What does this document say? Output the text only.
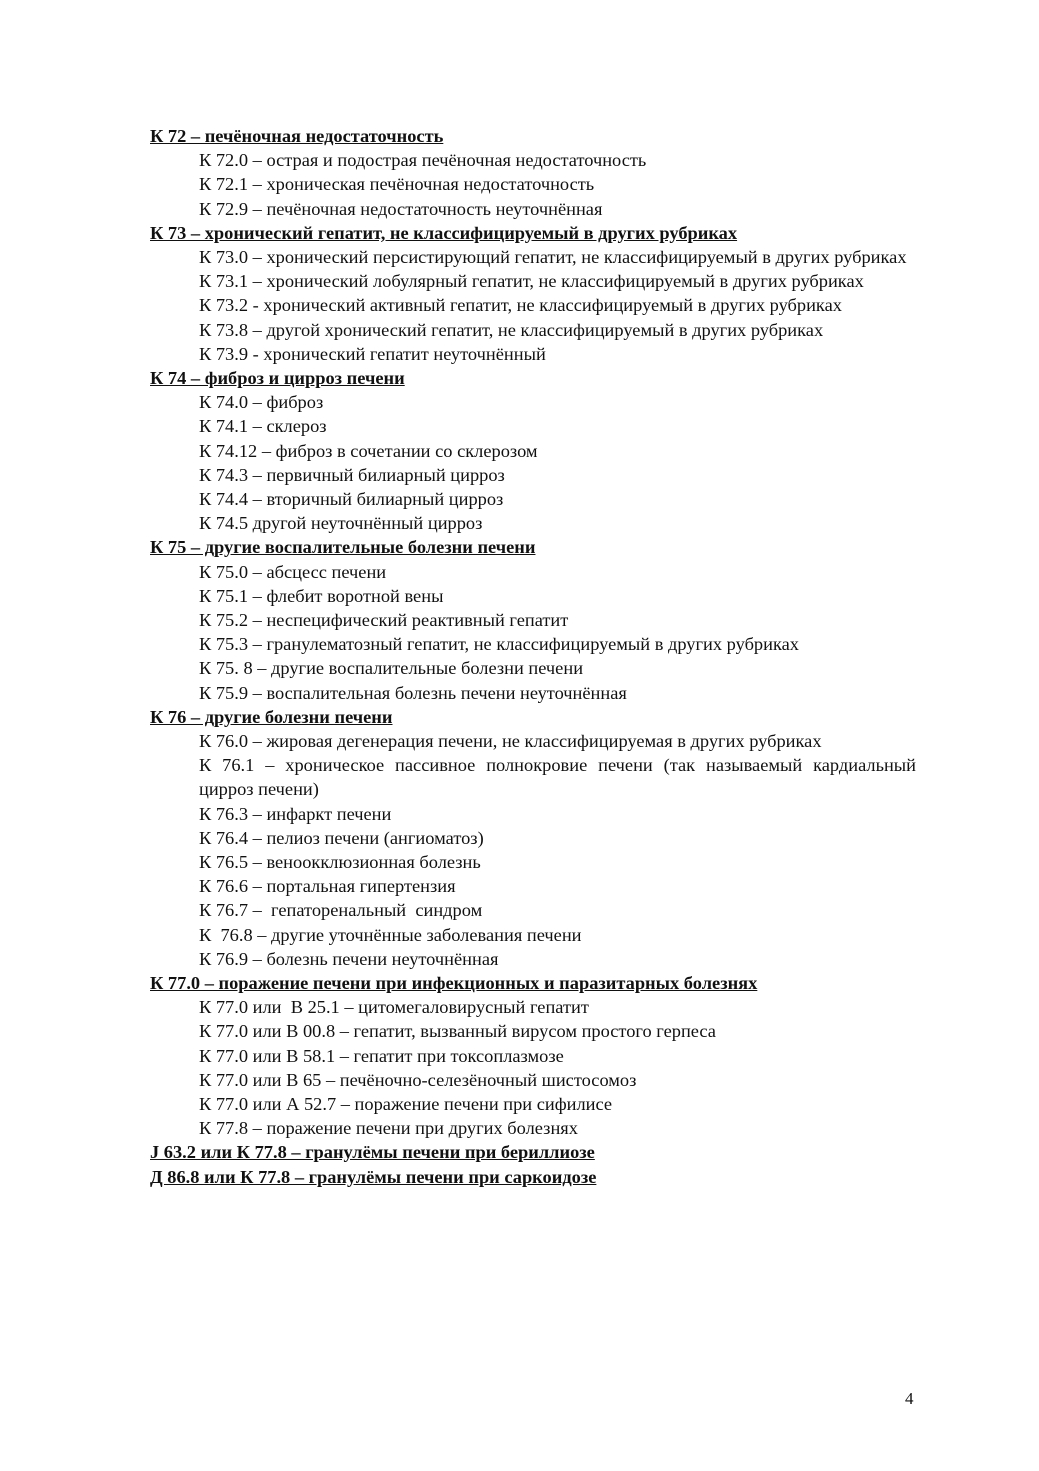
К 72 – печёночная недостаточность
К 72.0 – острая и подострая печёночная недостаточность
К 72.1 – хроническая печёночная недостаточность
К 72.9 – печёночная недостаточность неуточнённая
К 73 – хронический гепатит, не классифицируемый в других рубриках
К 73.0 – хронический персистирующий гепатит, не классифицируемый в других рубриках
К 73.1 – хронический лобулярный гепатит, не классифицируемый в других рубриках
К 73.2 - хронический активный гепатит, не классифицируемый в других рубриках
К 73.8 – другой хронический гепатит, не классифицируемый в других рубриках
К 73.9 - хронический гепатит неуточнённый
К 74 – фиброз и цирроз печени
К 74.0 – фиброз
К 74.1 – склероз
К 74.12 – фиброз в сочетании со склерозом
К 74.3 – первичный билиарный цирроз
К 74.4 – вторичный билиарный цирроз
К 74.5 другой неуточнённый цирроз
К 75 – другие воспалительные болезни печени
К 75.0 – абсцесс печени
К 75.1 – флебит воротной вены
К 75.2 – неспецифический реактивный гепатит
К 75.3 – гранулематозный гепатит, не классифицируемый в других рубриках
К 75. 8 – другие воспалительные болезни печени
К 75.9 – воспалительная болезнь печени неуточнённая
К 76 – другие болезни печени
К 76.0 – жировая дегенерация печени, не классифицируемая в других рубриках
К 76.1 – хроническое пассивное полнокровие печени (так называемый кардиальный цирроз печени)
К 76.3 – инфаркт печени
К 76.4 – пелиоз печени (ангиоматоз)
К 76.5 – веноокклюзионная болезнь
К 76.6 – портальная гипертензия
К 76.7 –  гепаторенальный  синдром
К  76.8 – другие уточнённые заболевания печени
К 76.9 – болезнь печени неуточнённая
К 77.0 – поражение печени при инфекционных и паразитарных болезнях
К 77.0 или  В 25.1 – цитомегаловирусный гепатит
К 77.0 или В 00.8 – гепатит, вызванный вирусом простого герпеса
К 77.0 или В 58.1 – гепатит при токсоплазмозе
К 77.0 или В 65 – печёночно-селезёночный шистосомоз
К 77.0 или А 52.7 – поражение печени при сифилисе
К 77.8 – поражение печени при других болезнях
J 63.2 или К 77.8 – гранулёмы печени при бериллиозе
Д 86.8 или К 77.8 – гранулёмы печени при саркоидозе
4
